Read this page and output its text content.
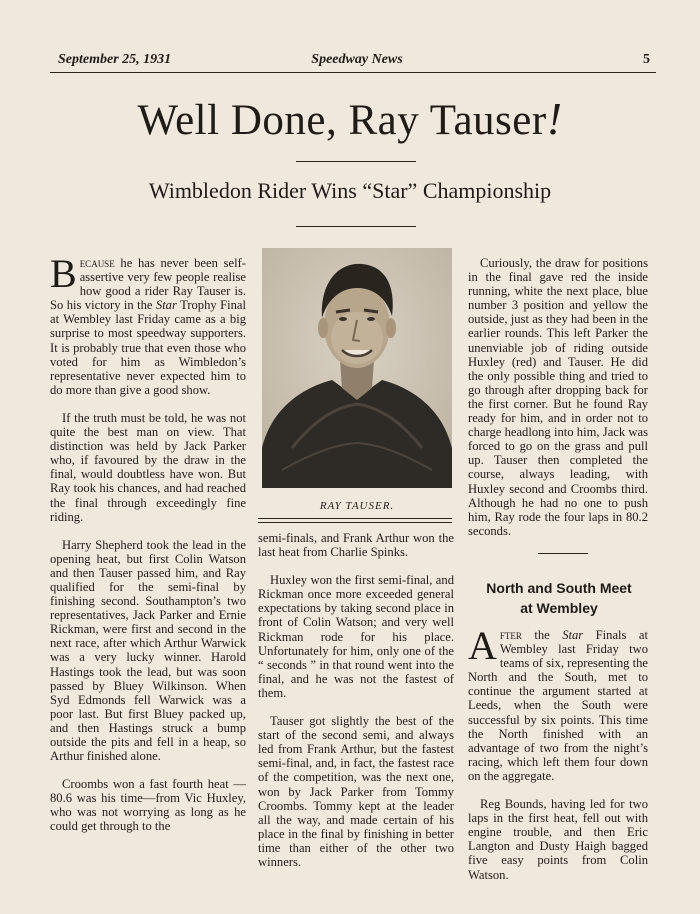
September 25, 1931	Speedway News	5
Well Done, Ray Tauser!
Wimbledon Rider Wins “Star” Championship

Because he has never been self-assertive very few people realise how good a rider Ray Tauser is. So his victory in the Star Trophy Final at Wembley last Friday came as a big surprise to most speedway supporters. It is probably true that even those who voted for him as Wimbledon’s representative never expected him to do more than give a good show.

If the truth must be told, he was not quite the best man on view. That distinction was held by Jack Parker who, if favoured by the draw in the final, would doubtless have won. But Ray took his chances, and had reached the final through exceedingly fine riding.

Harry Shepherd took the lead in the opening heat, but first Colin Watson and then Tauser passed him, and Ray qualified for the semi-final by finishing second. Southampton’s two representatives, Jack Parker and Ernie Rickman, were first and second in the next race, after which Arthur Warwick was a very lucky winner. Harold Hastings took the lead, but was soon passed by Bluey Wilkinson. When Syd Edmonds fell Warwick was a poor last. But first Bluey packed up, and then Hastings struck a bump outside the pits and fell in a heap, so Arthur finished alone.

Croombs won a fast fourth heat —80.6 was his time—from Vic Huxley, who was not worrying as long as he could get through to the

RAY TAUSER.

semi-finals, and Frank Arthur won the last heat from Charlie Spinks.

Huxley won the first semi-final, and Rickman once more exceeded general expectations by taking second place in front of Colin Watson; and very well Rickman rode for his place. Unfortunately for him, only one of the “ seconds ” in that round went into the final, and he was not the fastest of them.

Tauser got slightly the best of the start of the second semi, and always led from Frank Arthur, but the fastest semi-final, and, in fact, the fastest race of the competition, was the next one, won by Jack Parker from Tommy Croombs. Tommy kept at the leader all the way, and made certain of his place in the final by finishing in better time than either of the other two winners.

Curiously, the draw for positions in the final gave red the inside running, white the next place, blue number 3 position and yellow the outside, just as they had been in the earlier rounds. This left Parker the unenviable job of riding outside Huxley (red) and Tauser. He did the only possible thing and tried to go through after dropping back for the first corner. But he found Ray ready for him, and in order not to charge headlong into him, Jack was forced to go on the grass and pull up. Tauser then completed the course, always leading, with Huxley second and Croombs third. Although he had no one to push him, Ray rode the four laps in 80.2 seconds.

North and South Meet
at Wembley

After the Star Finals at Wembley last Friday two teams of six, representing the North and the South, met to continue the argument started at Leeds, when the South were successful by six points. This time the North finished with an advantage of two from the night’s racing, which left them four down on the aggregate.

Reg Bounds, having led for two laps in the first heat, fell out with engine trouble, and then Eric Langton and Dusty Haigh bagged five easy points from Colin Watson.
